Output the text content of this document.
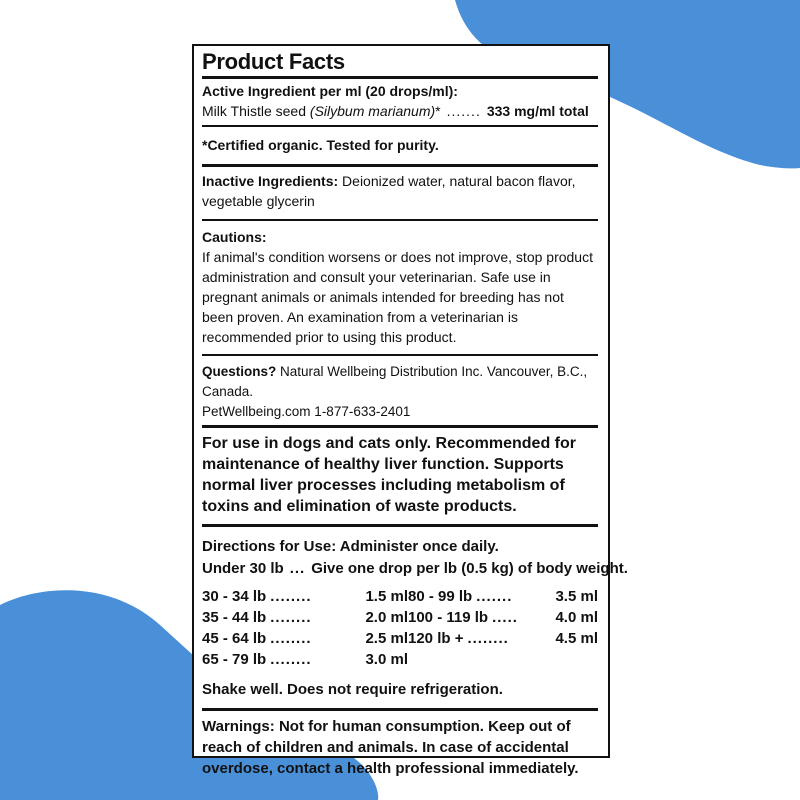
Product Facts
Active Ingredient per ml (20 drops/ml):
Milk Thistle seed
(Silybum marianum) * ....... 333 mg/ml total
*Certified organic. Tested for purity.
Inactive Ingredients: Deionized water, natural bacon flavor, vegetable glycerin
Cautions:
If animal's condition worsens or does not improve, stop product administration and consult your veterinarian. Safe use in pregnant animals or animals intended for breeding has not been proven. An examination from a veterinarian is recommended prior to using this product.
Questions? Natural Wellbeing Distribution Inc. Vancouver, B.C., Canada.
PetWellbeing.com 1-877-633-2401
For use in dogs and cats only. Recommended for maintenance of healthy liver function. Supports normal liver processes including metabolism of toxins and elimination of waste products.
Directions for Use: Administer once daily.
Under 30 lb ... Give one drop per lb (0.5 kg) of body weight.
30 - 34 lb ........	1.5 ml
35 - 44 lb ........	2.0 ml
45 - 64 lb ........	2.5 ml
65 - 79 lb ........	3.0 ml
80 - 99 lb .......	3.5 ml
100 - 119 lb .....	4.0 ml
120 lb + ........	4.5 ml
Shake well. Does not require refrigeration.
Warnings: Not for human consumption. Keep out of reach of children and animals. In case of accidental overdose, contact a health professional immediately.
